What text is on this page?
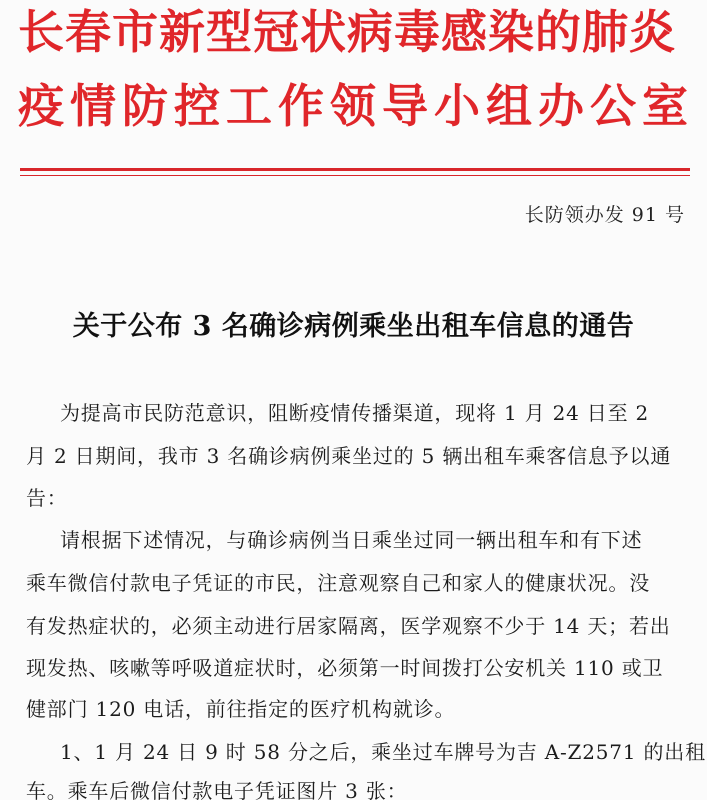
长春市新型冠状病毒感染的肺炎
疫情防控工作领导小组办公室
长防领办发 91 号
关于公布 3 名确诊病例乘坐出租车信息的通告
为提高市民防范意识，阻断疫情传播渠道，现将 1 月 24 日至 2
月 2 日期间，我市 3 名确诊病例乘坐过的 5 辆出租车乘客信息予以通
告：
请根据下述情况，与确诊病例当日乘坐过同一辆出租车和有下述
乘车微信付款电子凭证的市民，注意观察自己和家人的健康状况。没
有发热症状的，必须主动进行居家隔离，医学观察不少于 14 天；若出
现发热、咳嗽等呼吸道症状时，必须第一时间拨打公安机关 110 或卫
健部门 120 电话，前往指定的医疗机构就诊。
1、1 月 24 日 9 时 58 分之后，乘坐过车牌号为吉 A-Z2571 的出租
车。乘车后微信付款电子凭证图片 3 张：
